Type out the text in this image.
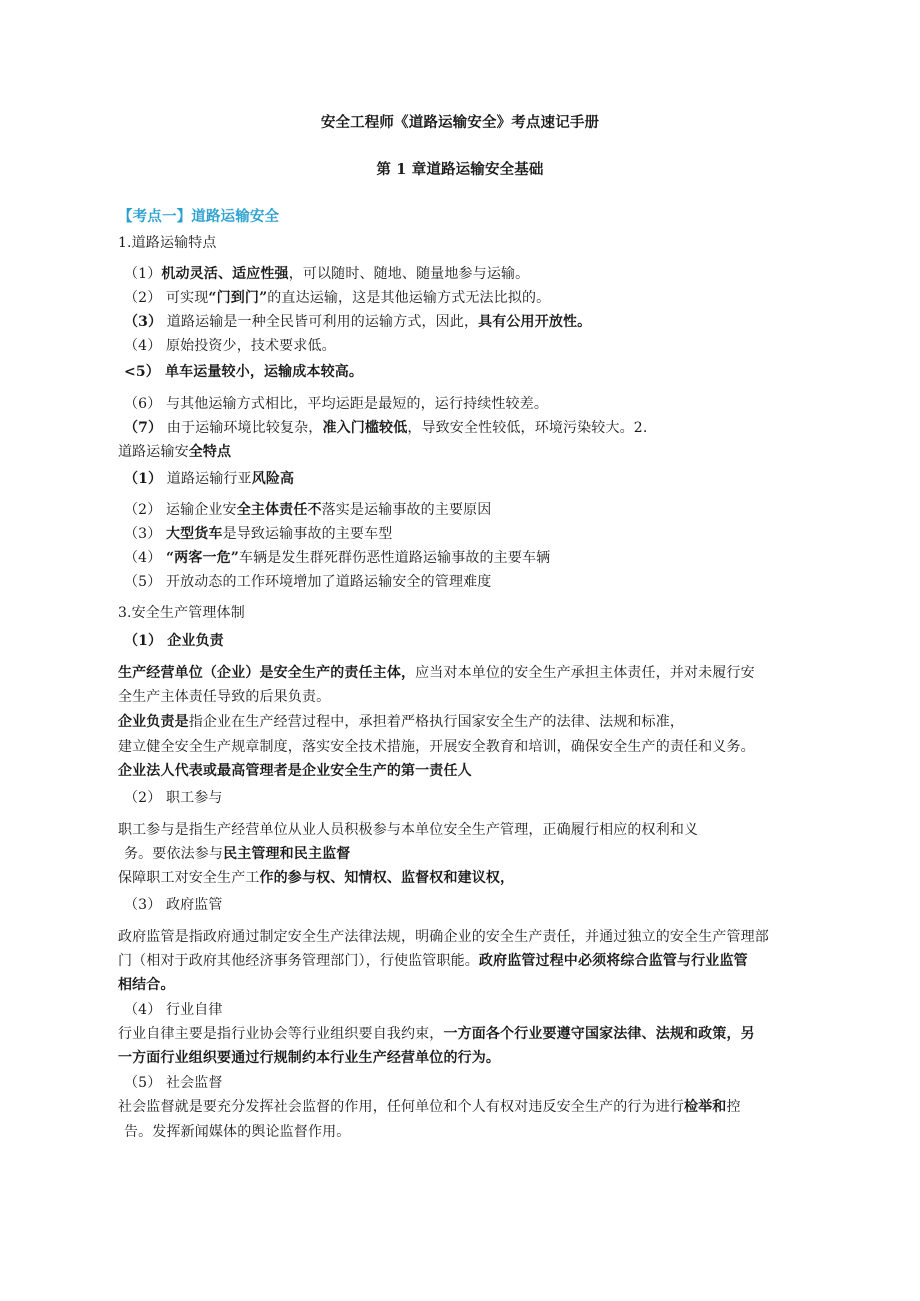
安全工程师《道路运输安全》考点速记手册
第 1 章道路运输安全基础
【考点一】道路运输安全
1.道路运输特点
（1）机动灵活、适应性强，可以随时、随地、随量地参与运输。
（2） 可实现“门到门”的直达运输，这是其他运输方式无法比拟的。
（3） 道路运输是一种全民皆可利用的运输方式，因此，具有公用开放性。
（4） 原始投资少，技术要求低。
<5） 单车运量较小，运输成本较高。
（6） 与其他运输方式相比，平均运距是最短的，运行持续性较差。
（7） 由于运输环境比较复杂，准入门槛较低，导致安全性较低，环境污染较大。2.
道路运输安全特点
（1） 道路运输行亚风险高
（2） 运输企业安全主体责任不落实是运输事故的主要原因
（3） 大型货车是导致运输事故的主要车型
（4） “两客一危”车辆是发生群死群伤恶性道路运输事故的主要车辆
（5） 开放动态的工作环境增加了道路运输安全的管理难度
3.安全生产管理体制
（1） 企业负责
生产经营单位（企业）是安全生产的责任主体，应当对本单位的安全生产承担主体责任，并对未履行安
全生产主体责任导致的后果负责。
企业负责是指企业在生产经营过程中，承担着严格执行国家安全生产的法律、法规和标准，
建立健全安全生产规章制度，落实安全技术措施，开展安全教育和培训，确保安全生产的责任和义务。
企业法人代表或最高管理者是企业安全生产的第一责任人
（2） 职工参与
职工参与是指生产经营单位从业人员积极参与本单位安全生产管理，正确履行相应的权利和义
务。要依法参与民主管理和民主监督
保障职工对安全生产工作的参与权、知情权、监督权和建议权，
（3） 政府监管
政府监管是指政府通过制定安全生产法律法规，明确企业的安全生产责任，并通过独立的安全生产管理部
门（相对于政府其他经济事务管理部门），行使监管职能。政府监管过程中必须将综合监管与行业监管
相结合。
（4） 行业自律
行业自律主要是指行业协会等行业组织要自我约束，一方面各个行业要遵守国家法律、法规和政策，另
一方面行业组织要通过行规制约本行业生产经营单位的行为。
（5） 社会监督
社会监督就是要充分发挥社会监督的作用，任何单位和个人有权对违反安全生产的行为进行检举和控
告。发挥新闻媒体的舆论监督作用。
